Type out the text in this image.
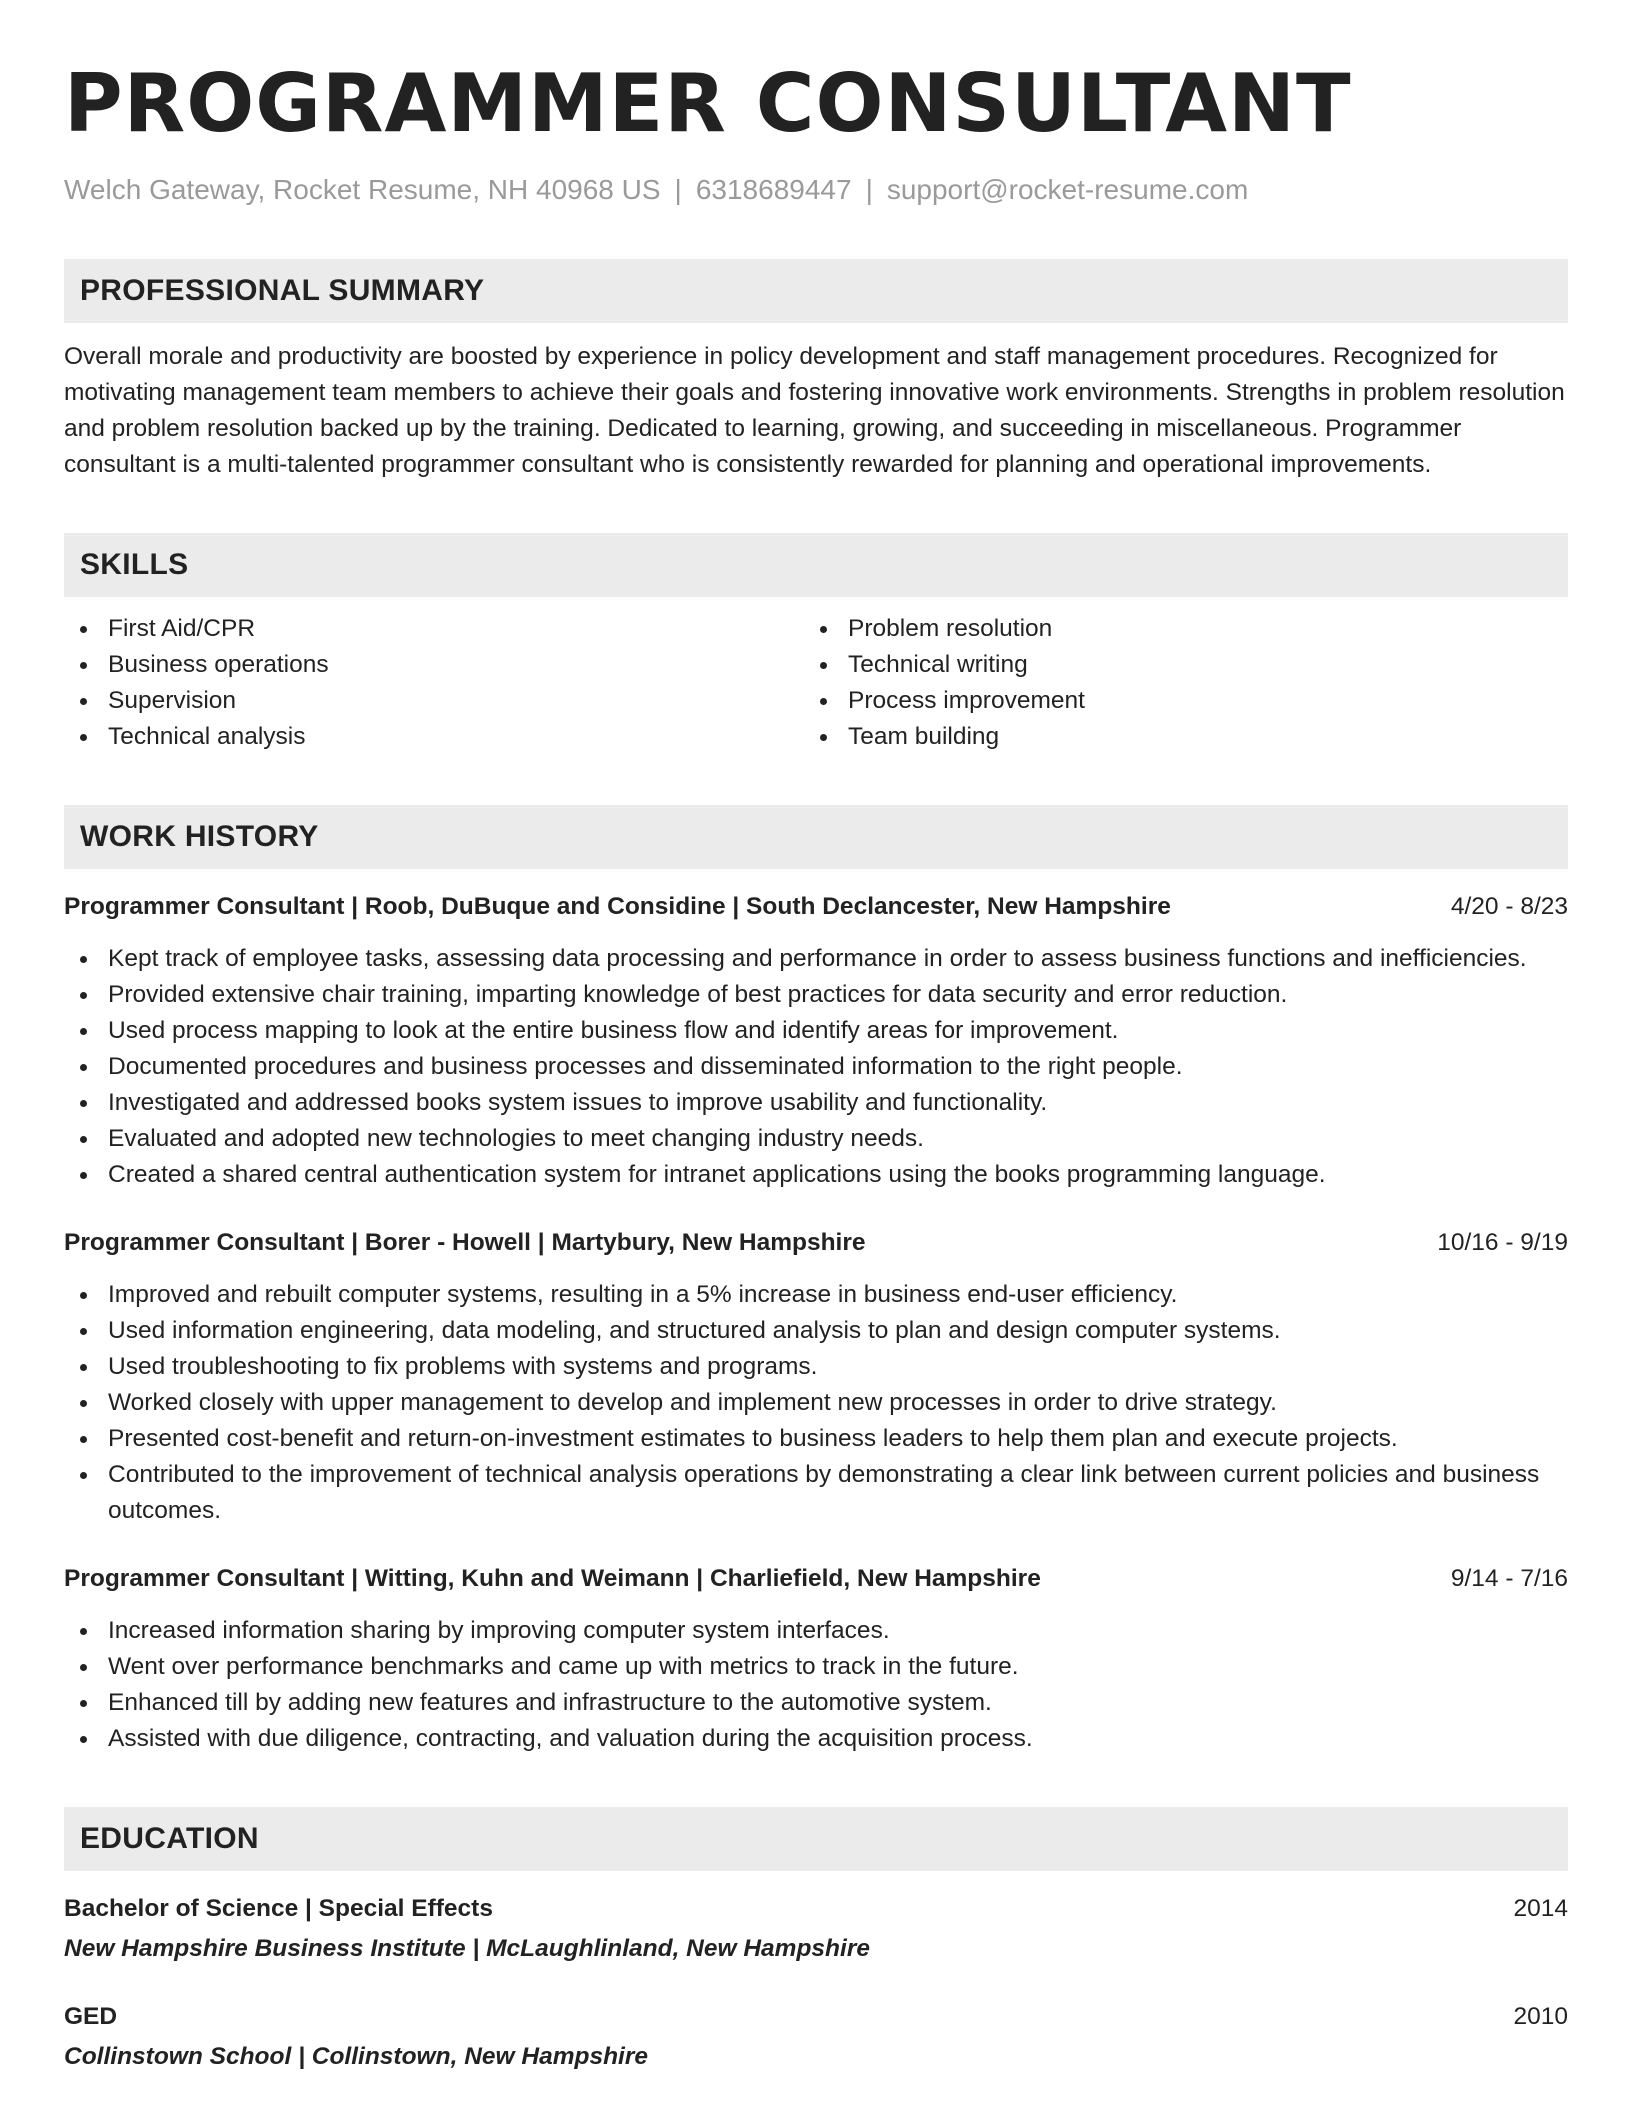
PROGRAMMER CONSULTANT
Welch Gateway, Rocket Resume, NH 40968 US | 6318689447 | support@rocket-resume.com
PROFESSIONAL SUMMARY
Overall morale and productivity are boosted by experience in policy development and staff management procedures. Recognized for motivating management team members to achieve their goals and fostering innovative work environments. Strengths in problem resolution and problem resolution backed up by the training. Dedicated to learning, growing, and succeeding in miscellaneous. Programmer consultant is a multi-talented programmer consultant who is consistently rewarded for planning and operational improvements.
SKILLS
First Aid/CPR
Business operations
Supervision
Technical analysis
Problem resolution
Technical writing
Process improvement
Team building
WORK HISTORY
Programmer Consultant | Roob, DuBuque and Considine | South Declancester, New Hampshire	4/20 - 8/23
Kept track of employee tasks, assessing data processing and performance in order to assess business functions and inefficiencies.
Provided extensive chair training, imparting knowledge of best practices for data security and error reduction.
Used process mapping to look at the entire business flow and identify areas for improvement.
Documented procedures and business processes and disseminated information to the right people.
Investigated and addressed books system issues to improve usability and functionality.
Evaluated and adopted new technologies to meet changing industry needs.
Created a shared central authentication system for intranet applications using the books programming language.
Programmer Consultant | Borer - Howell | Martybury, New Hampshire	10/16 - 9/19
Improved and rebuilt computer systems, resulting in a 5% increase in business end-user efficiency.
Used information engineering, data modeling, and structured analysis to plan and design computer systems.
Used troubleshooting to fix problems with systems and programs.
Worked closely with upper management to develop and implement new processes in order to drive strategy.
Presented cost-benefit and return-on-investment estimates to business leaders to help them plan and execute projects.
Contributed to the improvement of technical analysis operations by demonstrating a clear link between current policies and business outcomes.
Programmer Consultant | Witting, Kuhn and Weimann | Charliefield, New Hampshire	9/14 - 7/16
Increased information sharing by improving computer system interfaces.
Went over performance benchmarks and came up with metrics to track in the future.
Enhanced till by adding new features and infrastructure to the automotive system.
Assisted with due diligence, contracting, and valuation during the acquisition process.
EDUCATION
Bachelor of Science | Special Effects	2014
New Hampshire Business Institute | McLaughlinland, New Hampshire
GED	2010
Collinstown School | Collinstown, New Hampshire
